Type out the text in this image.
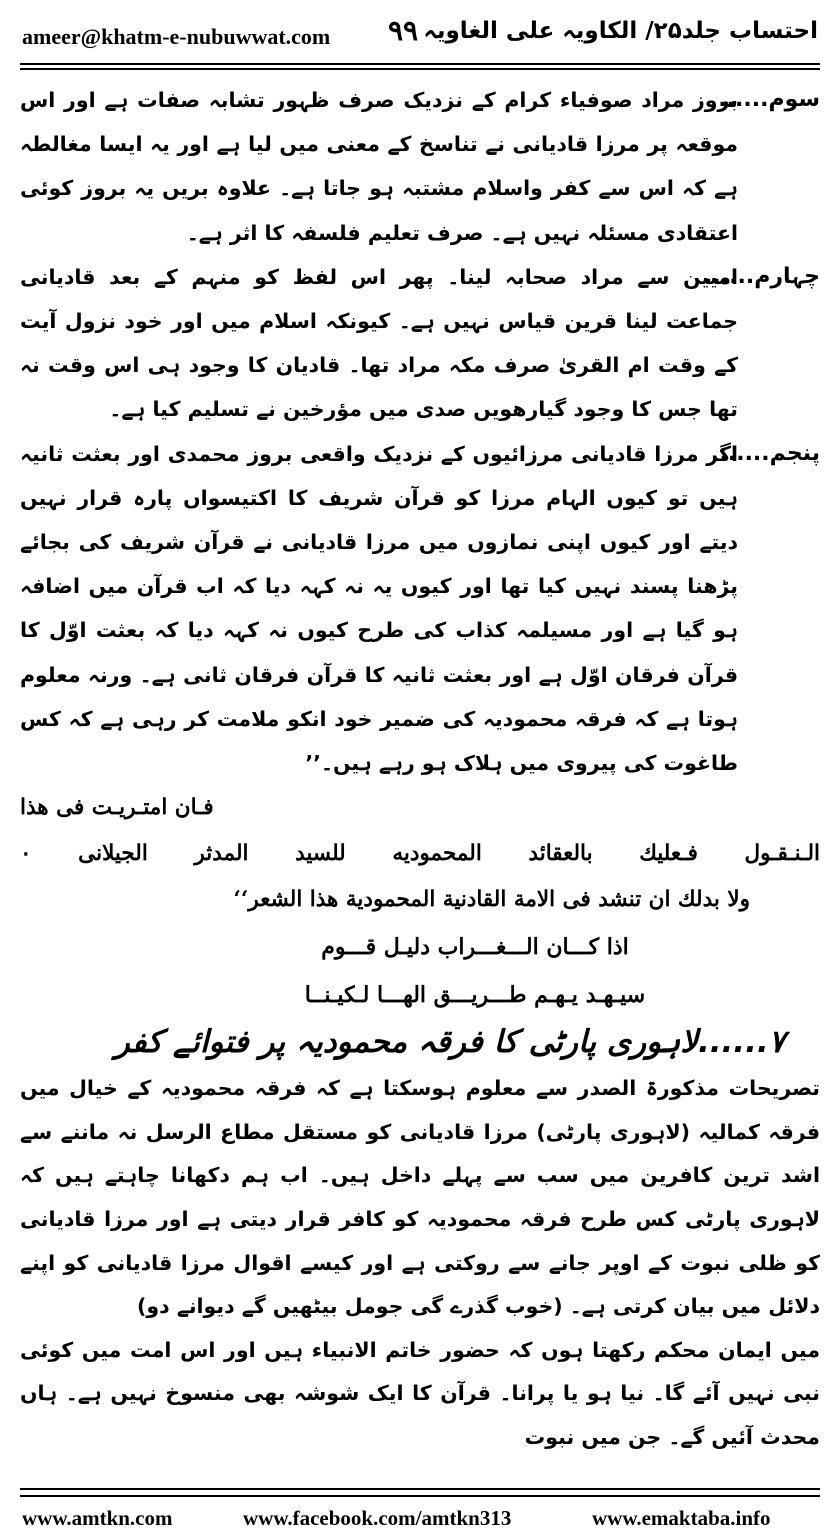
ameer@khatm-e-nubuwwat.com ۹۹ احتساب جلد۲۵/ الکاویہ علی الغاویہ
سوم......
بروز مراد صوفیاء کرام کے نزدیک صرف ظہور تشابہ صفات ہے اور اس موقعہ پر مرزا قادیانی نے تناسخ کے معنی میں لیا ہے اور یہ ایسا مغالطہ ہے کہ اس سے کفر واسلام مشتبہ ہو جاتا ہے۔ علاوہ بریں یہ بروز کوئی اعتقادی مسئلہ نہیں ہے۔ صرف تعلیم فلسفہ کا اثر ہے۔
چہارم......
امیین سے مراد صحابہ لینا۔ پھر اس لفظ کو منہم کے بعد قادیانی جماعت لینا قرین قیاس نہیں ہے۔ کیونکہ اسلام میں اور خود نزول آیت کے وقت ام القریٰ صرف مکہ مراد تھا۔ قادیان کا وجود ہی اس وقت نہ تھا جس کا وجود گیارھویں صدی میں مؤرخین نے تسلیم کیا ہے۔
پنجم......
اگر مرزا قادیانی مرزائیوں کے نزدیک واقعی بروز محمدی اور بعثت ثانیہ ہیں تو کیوں الہام مرزا کو قرآن شریف کا اکتیسواں پارہ قرار نہیں دیتے اور کیوں اپنی نمازوں میں مرزا قادیانی نے قرآن شریف کی بجائے پڑھنا پسند نہیں کیا تھا اور کیوں یہ نہ کہہ دیا کہ اب قرآن میں اضافہ ہو گیا ہے اور مسیلمہ کذاب کی طرح کیوں نہ کہہ دیا کہ بعثت اوّل کا قرآن فرقان اوّل ہے اور بعثت ثانیہ کا قرآن فرقان ثانی ہے۔ ورنہ معلوم ہوتا ہے کہ فرقہ محمودیہ کی ضمیر خود انکو ملامت کر رہی ہے کہ کس طاغوت کی پیروی میں ہلاک ہو رہے ہیں۔’’
فـان امتـريـت فى هذا
الـنـقـول فـعليك بالعقائد المحموديه للسيد المدثر الجيلانى ٠
ولا بدلك ان تنشد فى الامة القادنية المحمودية هذا الشعر‘‘
اذا كـــان الـــغـــراب دليـل قـــوم
سيـهـد يـهـم طـــريـــق الهـــا لـكيـنــا
۷......لاہوری پارٹی کا فرقہ محمودیہ پر فتوائے کفر
تصریحات مذکورۃ الصدر سے معلوم ہوسکتا ہے کہ فرقہ محمودیہ کے خیال میں فرقہ کمالیہ (لاہوری پارٹی) مرزا قادیانی کو مستقل مطاع الرسل نہ ماننے سے اشد ترین کافرین میں سب سے پہلے داخل ہیں۔ اب ہم دکھانا چاہتے ہیں کہ لاہوری پارٹی کس طرح فرقہ محمودیہ کو کافر قرار دیتی ہے اور مرزا قادیانی کو ظلی نبوت کے اوپر جانے سے روکتی ہے اور کیسے اقوال مرزا قادیانی کو اپنے دلائل میں بیان کرتی ہے۔ (خوب گذرے گی جومل بیٹھیں گے دیوانے دو)
میں ایمان محکم رکھتا ہوں کہ حضور خاتم الانبیاء ہیں اور اس امت میں کوئی نبی نہیں آئے گا۔ نیا ہو یا پرانا۔ قرآن کا ایک شوشہ بھی منسوخ نہیں ہے۔ ہاں محدث آئیں گے۔ جن میں نبوت
www.amtkn.com	www.facebook.com/amtkn313	www.emaktaba.info
